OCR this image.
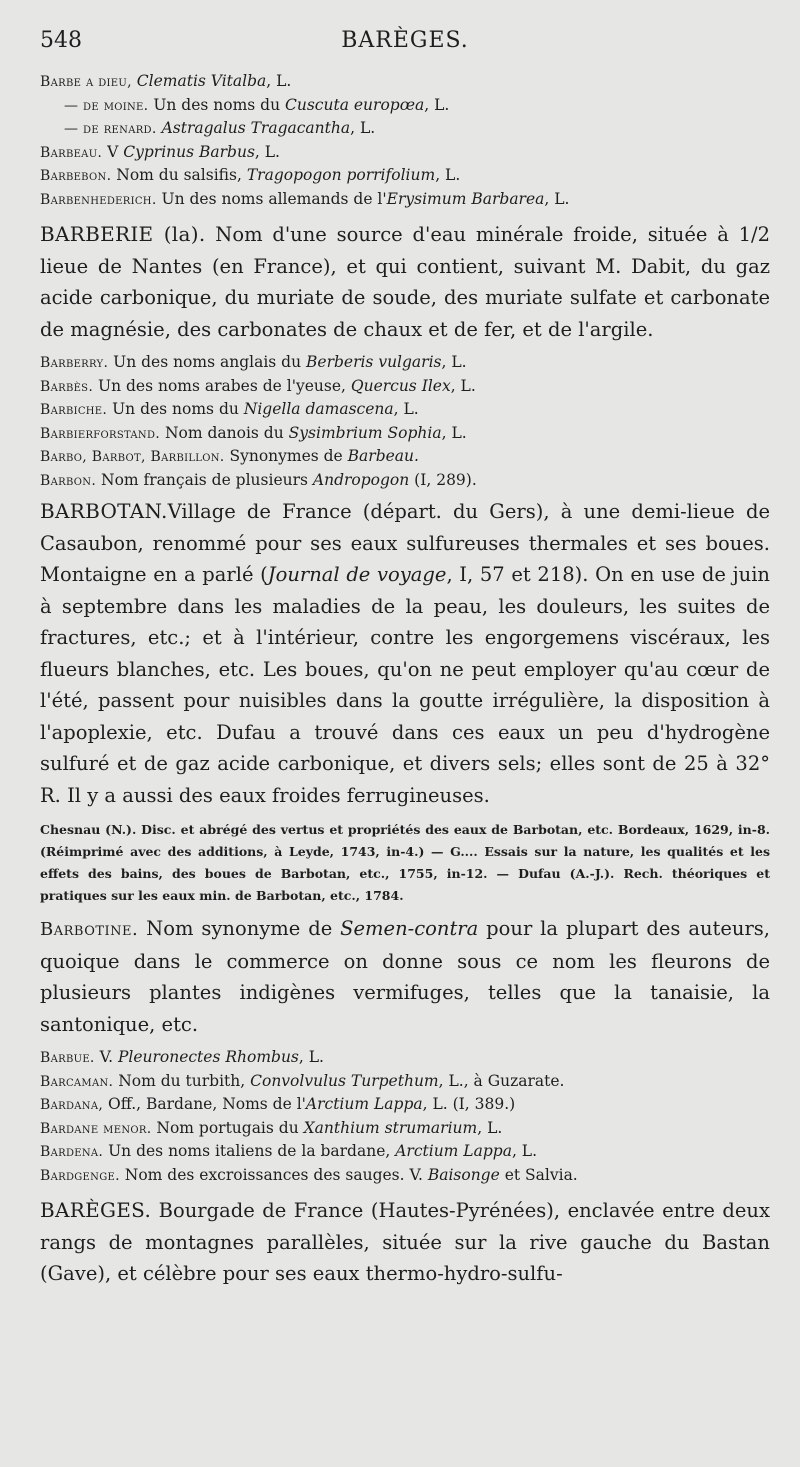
548	BARÈGES.

Barbe a dieu, Clematis Vitalba, L.

— de moine. Un des noms du Cuscuta europœa, L.

— de renard. Astragalus Tragacantha, L.

Barbeau. V Cyprinus Barbus, L.

Barbebon. Nom du salsifis, Tragopogon porrifolium, L.

Barbenhederich. Un des noms allemands de l'Erysimum Barbarea, L.

BARBERIE (la). Nom d'une source d'eau minérale froide, située à 1/2 lieue de Nantes (en France), et qui contient, suivant M. Dabit, du gaz acide carbonique, du muriate de soude, des muriate sulfate et carbonate de magnésie, des carbonates de chaux et de fer, et de l'argile.

Barberry. Un des noms anglais du Berberis vulgaris, L.

Barbès. Un des noms arabes de l'yeuse, Quercus Ilex, L.

Barbiche. Un des noms du Nigella damascena, L.

Barbierforstand. Nom danois du Sysimbrium Sophia, L.

Barbo, Barbot, Barbillon. Synonymes de Barbeau.

Barbon. Nom français de plusieurs Andropogon (I, 289).

BARBOTAN.Village de France (départ. du Gers), à une demi-lieue de Casaubon, renommé pour ses eaux sulfureuses thermales et ses boues. Montaigne en a parlé (Journal de voyage, I, 57 et 218). On en use de juin à septembre dans les maladies de la peau, les douleurs, les suites de fractures, etc.; et à l'intérieur, contre les engorgemens viscéraux, les flueurs blanches, etc. Les boues, qu'on ne peut employer qu'au cœur de l'été, passent pour nuisibles dans la goutte irrégulière, la disposition à l'apoplexie, etc. Dufau a trouvé dans ces eaux un peu d'hydrogène sulfuré et de gaz acide carbonique, et divers sels; elles sont de 25 à 32° R. Il y a aussi des eaux froides ferrugineuses.

Chesnau (N.). Disc. et abrégé des vertus et propriétés des eaux de Barbotan, etc. Bordeaux, 1629, in-8. (Réimprimé avec des additions, à Leyde, 1743, in-4.) — G.... Essais sur la nature, les qualités et les effets des bains, des boues de Barbotan, etc., 1755, in-12. — Dufau (A.-J.). Rech. théoriques et pratiques sur les eaux min. de Barbotan, etc., 1784.

Barbotine. Nom synonyme de Semen-contra pour la plupart des auteurs, quoique dans le commerce on donne sous ce nom les fleurons de plusieurs plantes indigènes vermifuges, telles que la tanaisie, la santonique, etc.

Barbue. V. Pleuronectes Rhombus, L.

Barcaman. Nom du turbith, Convolvulus Turpethum, L., à Guzarate.

Bardana, Off., Bardane, Noms de l'Arctium Lappa, L. (I, 389.)

Bardane menor. Nom portugais du Xanthium strumarium, L.

Bardena. Un des noms italiens de la bardane, Arctium Lappa, L.

Bardgenge. Nom des excroissances des sauges. V. Baisonge et Salvia.

BARÈGES. Bourgade de France (Hautes-Pyrénées), enclavée entre deux rangs de montagnes parallèles, située sur la rive gauche du Bastan (Gave), et célèbre pour ses eaux thermo-hydro-sulfu-
